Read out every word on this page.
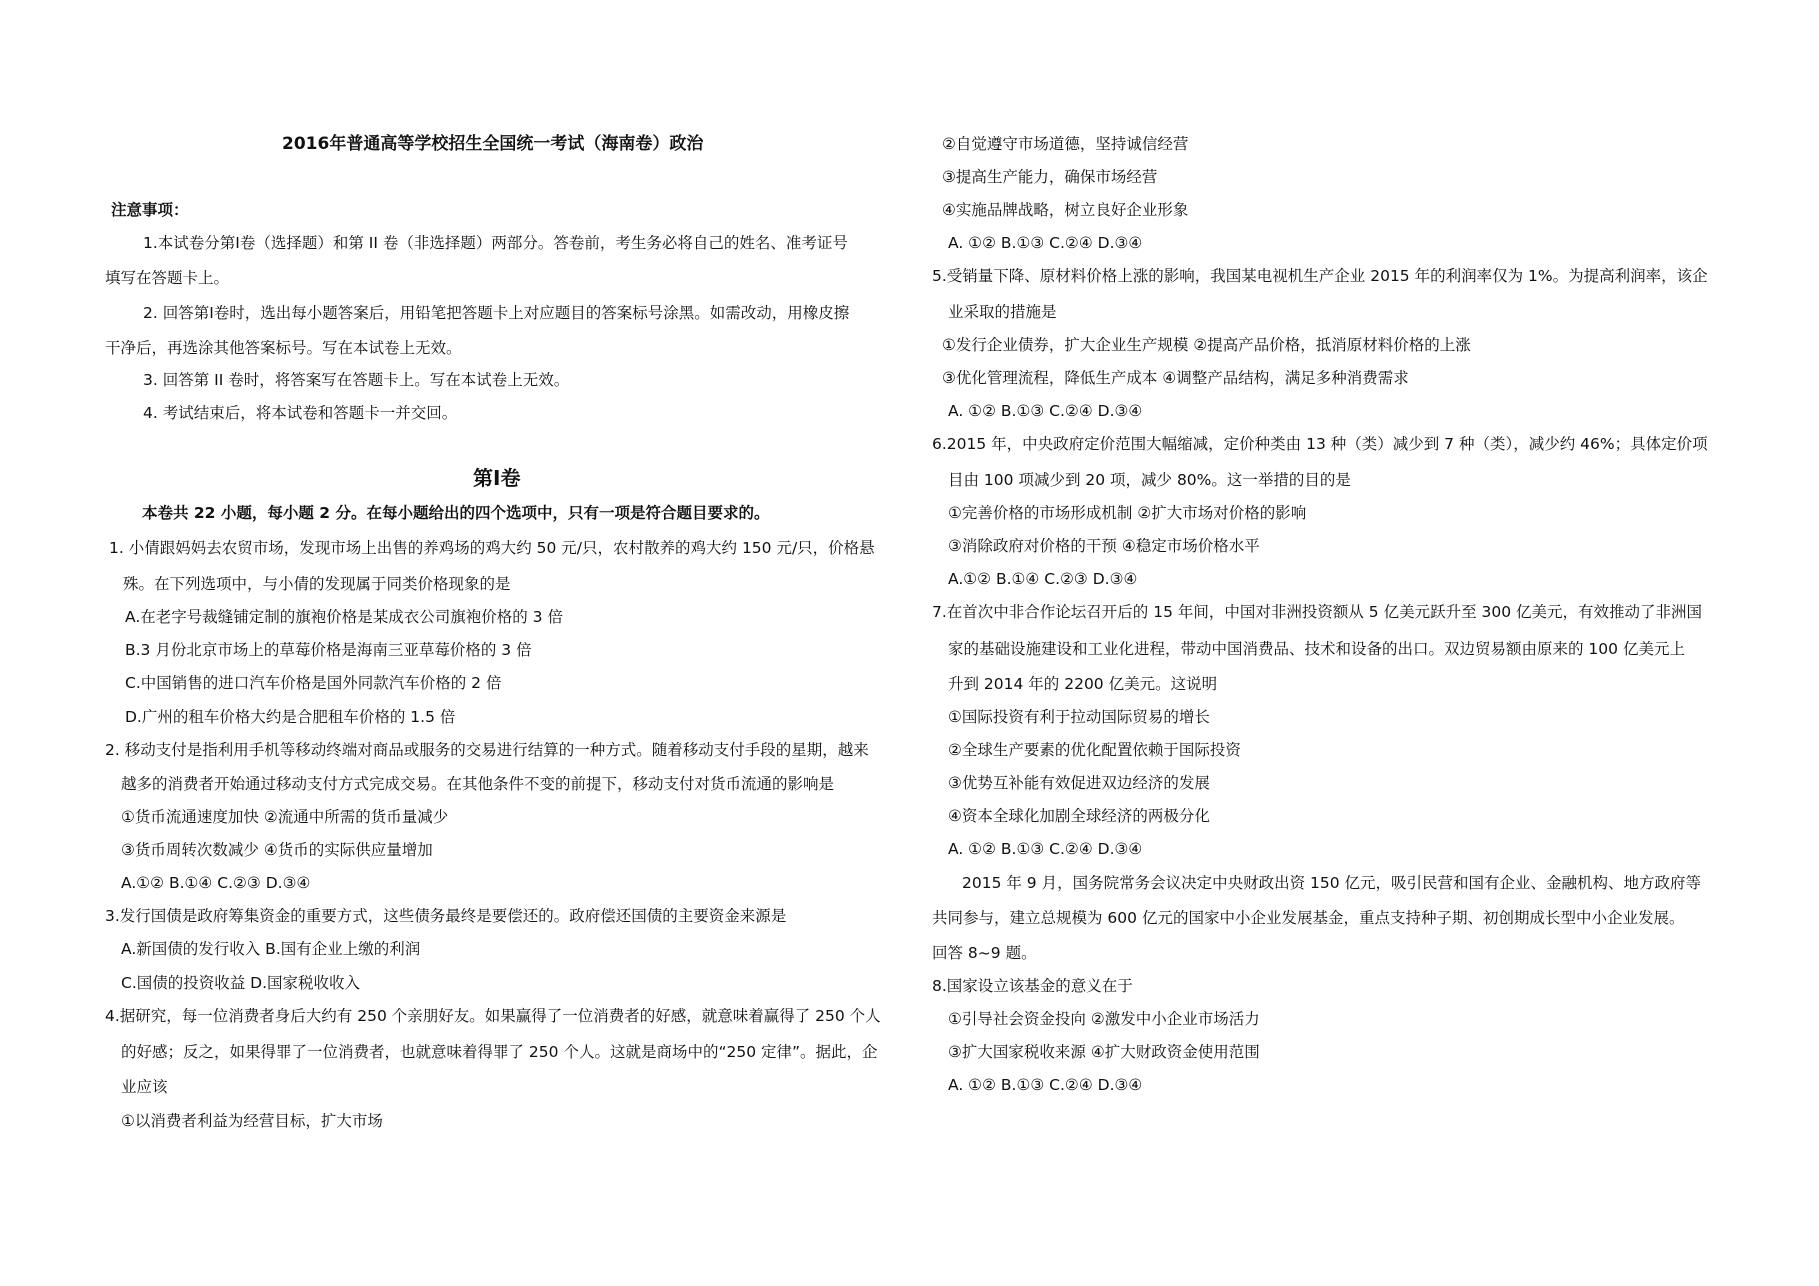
2016年普通高等学校招生全国统一考试（海南卷）政治
注意事项：
1.本试卷分第Ⅰ卷（选择题）和第 II 卷（非选择题）两部分。答卷前，考生务必将自己的姓名、准考证号
填写在答题卡上。
2. 回答第Ⅰ卷时，选出每小题答案后，用铅笔把答题卡上对应题目的答案标号涂黑。如需改动，用橡皮擦
干净后，再选涂其他答案标号。写在本试卷上无效。
3. 回答第 II 卷时，将答案写在答题卡上。写在本试卷上无效。
4. 考试结束后，将本试卷和答题卡一并交回。
第Ⅰ卷
本卷共 22 小题，每小题 2 分。在每小题给出的四个选项中，只有一项是符合题目要求的。
1. 小倩跟妈妈去农贸市场，发现市场上出售的养鸡场的鸡大约 50 元/只，农村散养的鸡大约 150 元/只，价格悬
殊。在下列选项中，与小倩的发现属于同类价格现象的是
A.在老字号裁缝铺定制的旗袍价格是某成衣公司旗袍价格的 3 倍
B.3 月份北京市场上的草莓价格是海南三亚草莓价格的 3 倍
C.中国销售的进口汽车价格是国外同款汽车价格的 2 倍
D.广州的租车价格大约是合肥租车价格的 1.5 倍
2. 移动支付是指利用手机等移动终端对商品或服务的交易进行结算的一种方式。随着移动支付手段的星期，越来
越多的消费者开始通过移动支付方式完成交易。在其他条件不变的前提下，移动支付对货币流通的影响是
①货币流通速度加快 ②流通中所需的货币量减少
③货币周转次数减少 ④货币的实际供应量增加
A.①② B.①④ C.②③ D.③④
3.发行国债是政府筹集资金的重要方式，这些债务最终是要偿还的。政府偿还国债的主要资金来源是
A.新国债的发行收入 B.国有企业上缴的利润
C.国债的投资收益 D.国家税收收入
4.据研究，每一位消费者身后大约有 250 个亲朋好友。如果赢得了一位消费者的好感，就意味着赢得了 250 个人
的好感；反之，如果得罪了一位消费者，也就意味着得罪了 250 个人。这就是商场中的“250 定律”。据此，企
业应该
①以消费者利益为经营目标，扩大市场
②自觉遵守市场道德，坚持诚信经营
③提高生产能力，确保市场经营
④实施品牌战略，树立良好企业形象
A. ①② B.①③ C.②④ D.③④
5.受销量下降、原材料价格上涨的影响，我国某电视机生产企业 2015 年的利润率仅为 1%。为提高利润率，该企
业采取的措施是
①发行企业债券，扩大企业生产规模 ②提高产品价格，抵消原材料价格的上涨
③优化管理流程，降低生产成本 ④调整产品结构，满足多种消费需求
A. ①② B.①③ C.②④ D.③④
6.2015 年，中央政府定价范围大幅缩减，定价种类由 13 种（类）减少到 7 种（类），减少约 46%；具体定价项
目由 100 项减少到 20 项，减少 80%。这一举措的目的是
①完善价格的市场形成机制 ②扩大市场对价格的影响
③消除政府对价格的干预 ④稳定市场价格水平
A.①② B.①④ C.②③ D.③④
7.在首次中非合作论坛召开后的 15 年间，中国对非洲投资额从 5 亿美元跃升至 300 亿美元，有效推动了非洲国
家的基础设施建设和工业化进程，带动中国消费品、技术和设备的出口。双边贸易额由原来的 100 亿美元上
升到 2014 年的 2200 亿美元。这说明
①国际投资有利于拉动国际贸易的增长
②全球生产要素的优化配置依赖于国际投资
③优势互补能有效促进双边经济的发展
④资本全球化加剧全球经济的两极分化
A. ①② B.①③ C.②④ D.③④
2015 年 9 月，国务院常务会议决定中央财政出资 150 亿元，吸引民营和国有企业、金融机构、地方政府等
共同参与，建立总规模为 600 亿元的国家中小企业发展基金，重点支持种子期、初创期成长型中小企业发展。
回答 8~9 题。
8.国家设立该基金的意义在于
①引导社会资金投向 ②激发中小企业市场活力
③扩大国家税收来源 ④扩大财政资金使用范围
A. ①② B.①③ C.②④ D.③④
